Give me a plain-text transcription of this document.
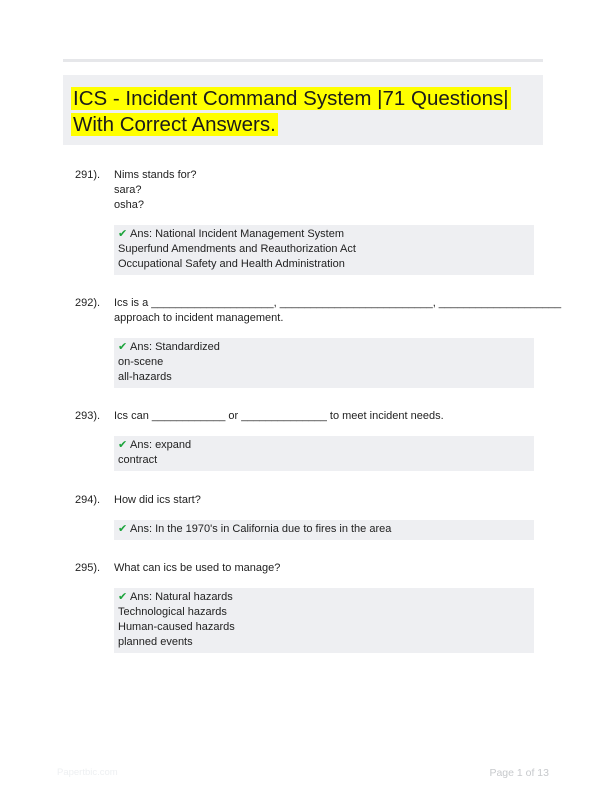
ICS - Incident Command System |71 Questions|
With Correct Answers.
291).	Nims stands for?
sara?
osha?
✔ Ans: National Incident Management System
Superfund Amendments and Reauthorization Act
Occupational Safety and Health Administration
292).	Ics is a ____________________, _________________________, ____________________
approach to incident management.
✔ Ans: Standardized
on-scene
all-hazards
293).	Ics can ____________ or ______________ to meet incident needs.
✔ Ans: expand
contract
294).	How did ics start?
✔ Ans: In the 1970's in California due to fires in the area
295).	What can ics be used to manage?
✔ Ans: Natural hazards
Technological hazards
Human-caused hazards
planned events
Papertbic.com	Page 1 of 13
